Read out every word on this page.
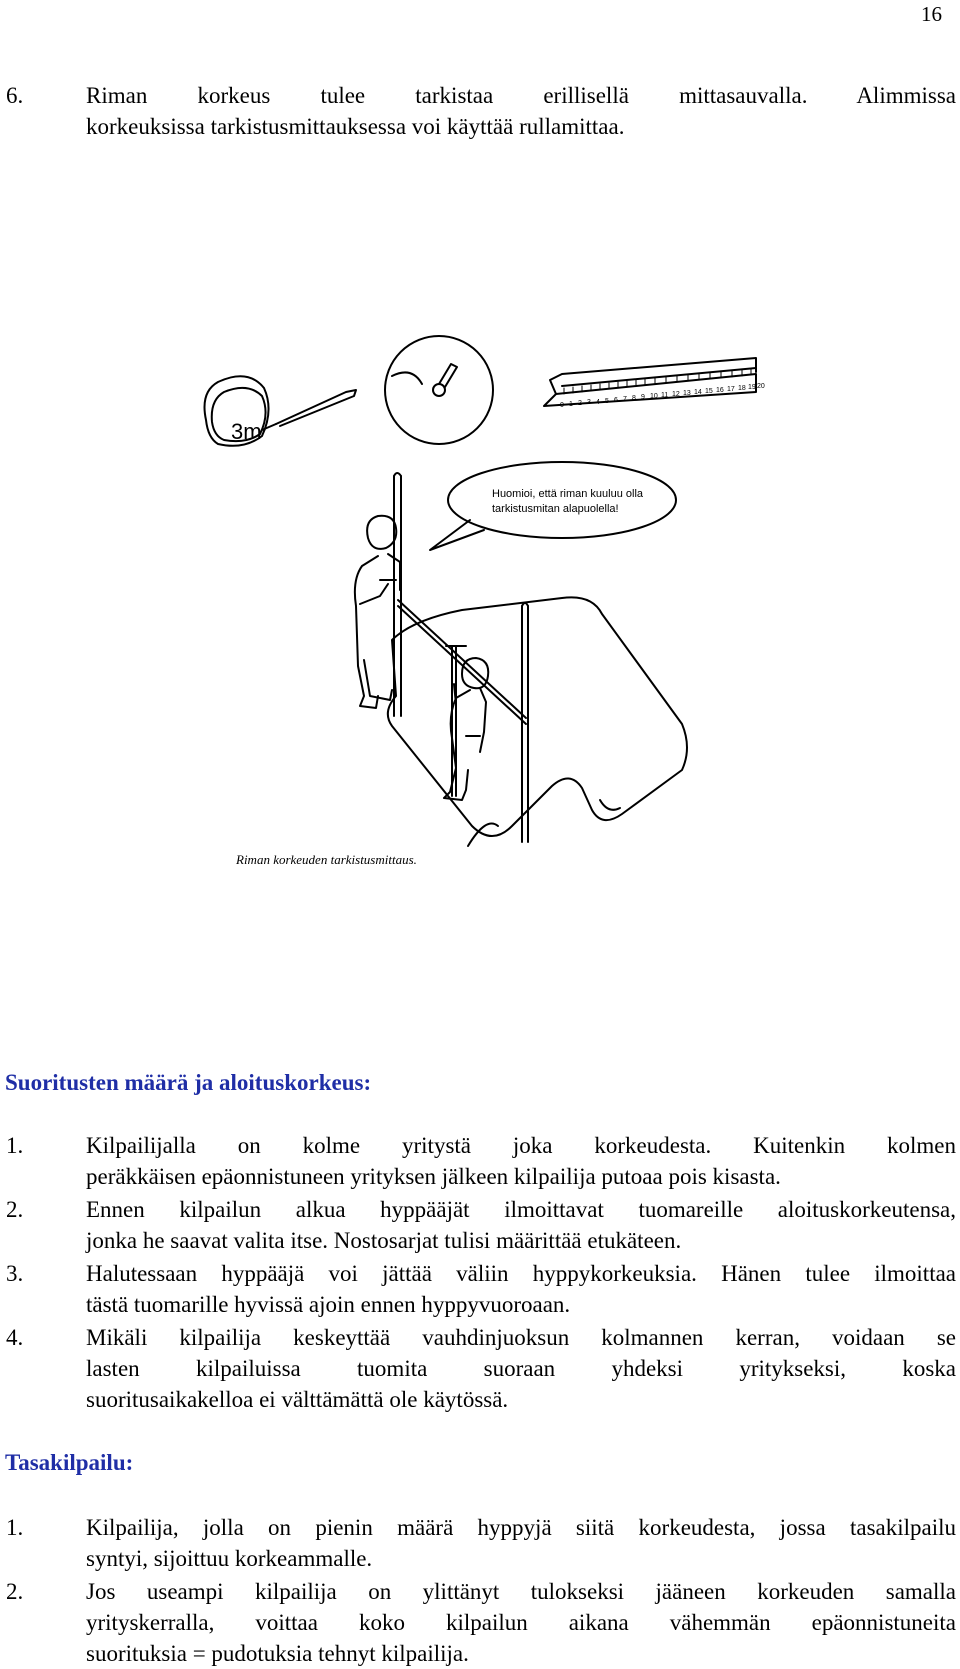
16
6.	Riman korkeus tulee tarkistaa erillisellä mittasauvalla. Alimmissa
korkeuksissa tarkistusmittauksessa voi käyttää rullamittaa.
3m
0 1 2 3 4 5 6 7 8 9 10 11 12 13 14 15 16 17 18 19 20
Huomioi, että riman kuuluu olla
tarkistusmitan alapuolella!
Riman korkeuden tarkistusmittaus.
Suoritusten määrä ja aloituskorkeus:
1.	Kilpailijalla on kolme yritystä joka korkeudesta. Kuitenkin kolmen
peräkkäisen epäonnistuneen yrityksen jälkeen kilpailija putoaa pois kisasta.
2.	Ennen kilpailun alkua hyppääjät ilmoittavat tuomareille aloituskorkeutensa,
jonka he saavat valita itse. Nostosarjat tulisi määrittää etukäteen.
3.	Halutessaan hyppääjä voi jättää väliin hyppykorkeuksia. Hänen tulee ilmoittaa
tästä tuomarille hyvissä ajoin ennen hyppyvuoroaan.
4.	Mikäli kilpailija keskeyttää vauhdinjuoksun kolmannen kerran, voidaan se
lasten kilpailuissa tuomita suoraan yhdeksi yritykseksi, koska
suoritusaikakelloa ei välttämättä ole käytössä.
Tasakilpailu:
1.	Kilpailija, jolla on pienin määrä hyppyjä siitä korkeudesta, jossa tasakilpailu
syntyi, sijoittuu korkeammalle.
2.	Jos useampi kilpailija on ylittänyt tulokseksi jääneen korkeuden samalla
yrityskerralla, voittaa koko kilpailun aikana vähemmän epäonnistuneita
suorituksia = pudotuksia tehnyt kilpailija.
